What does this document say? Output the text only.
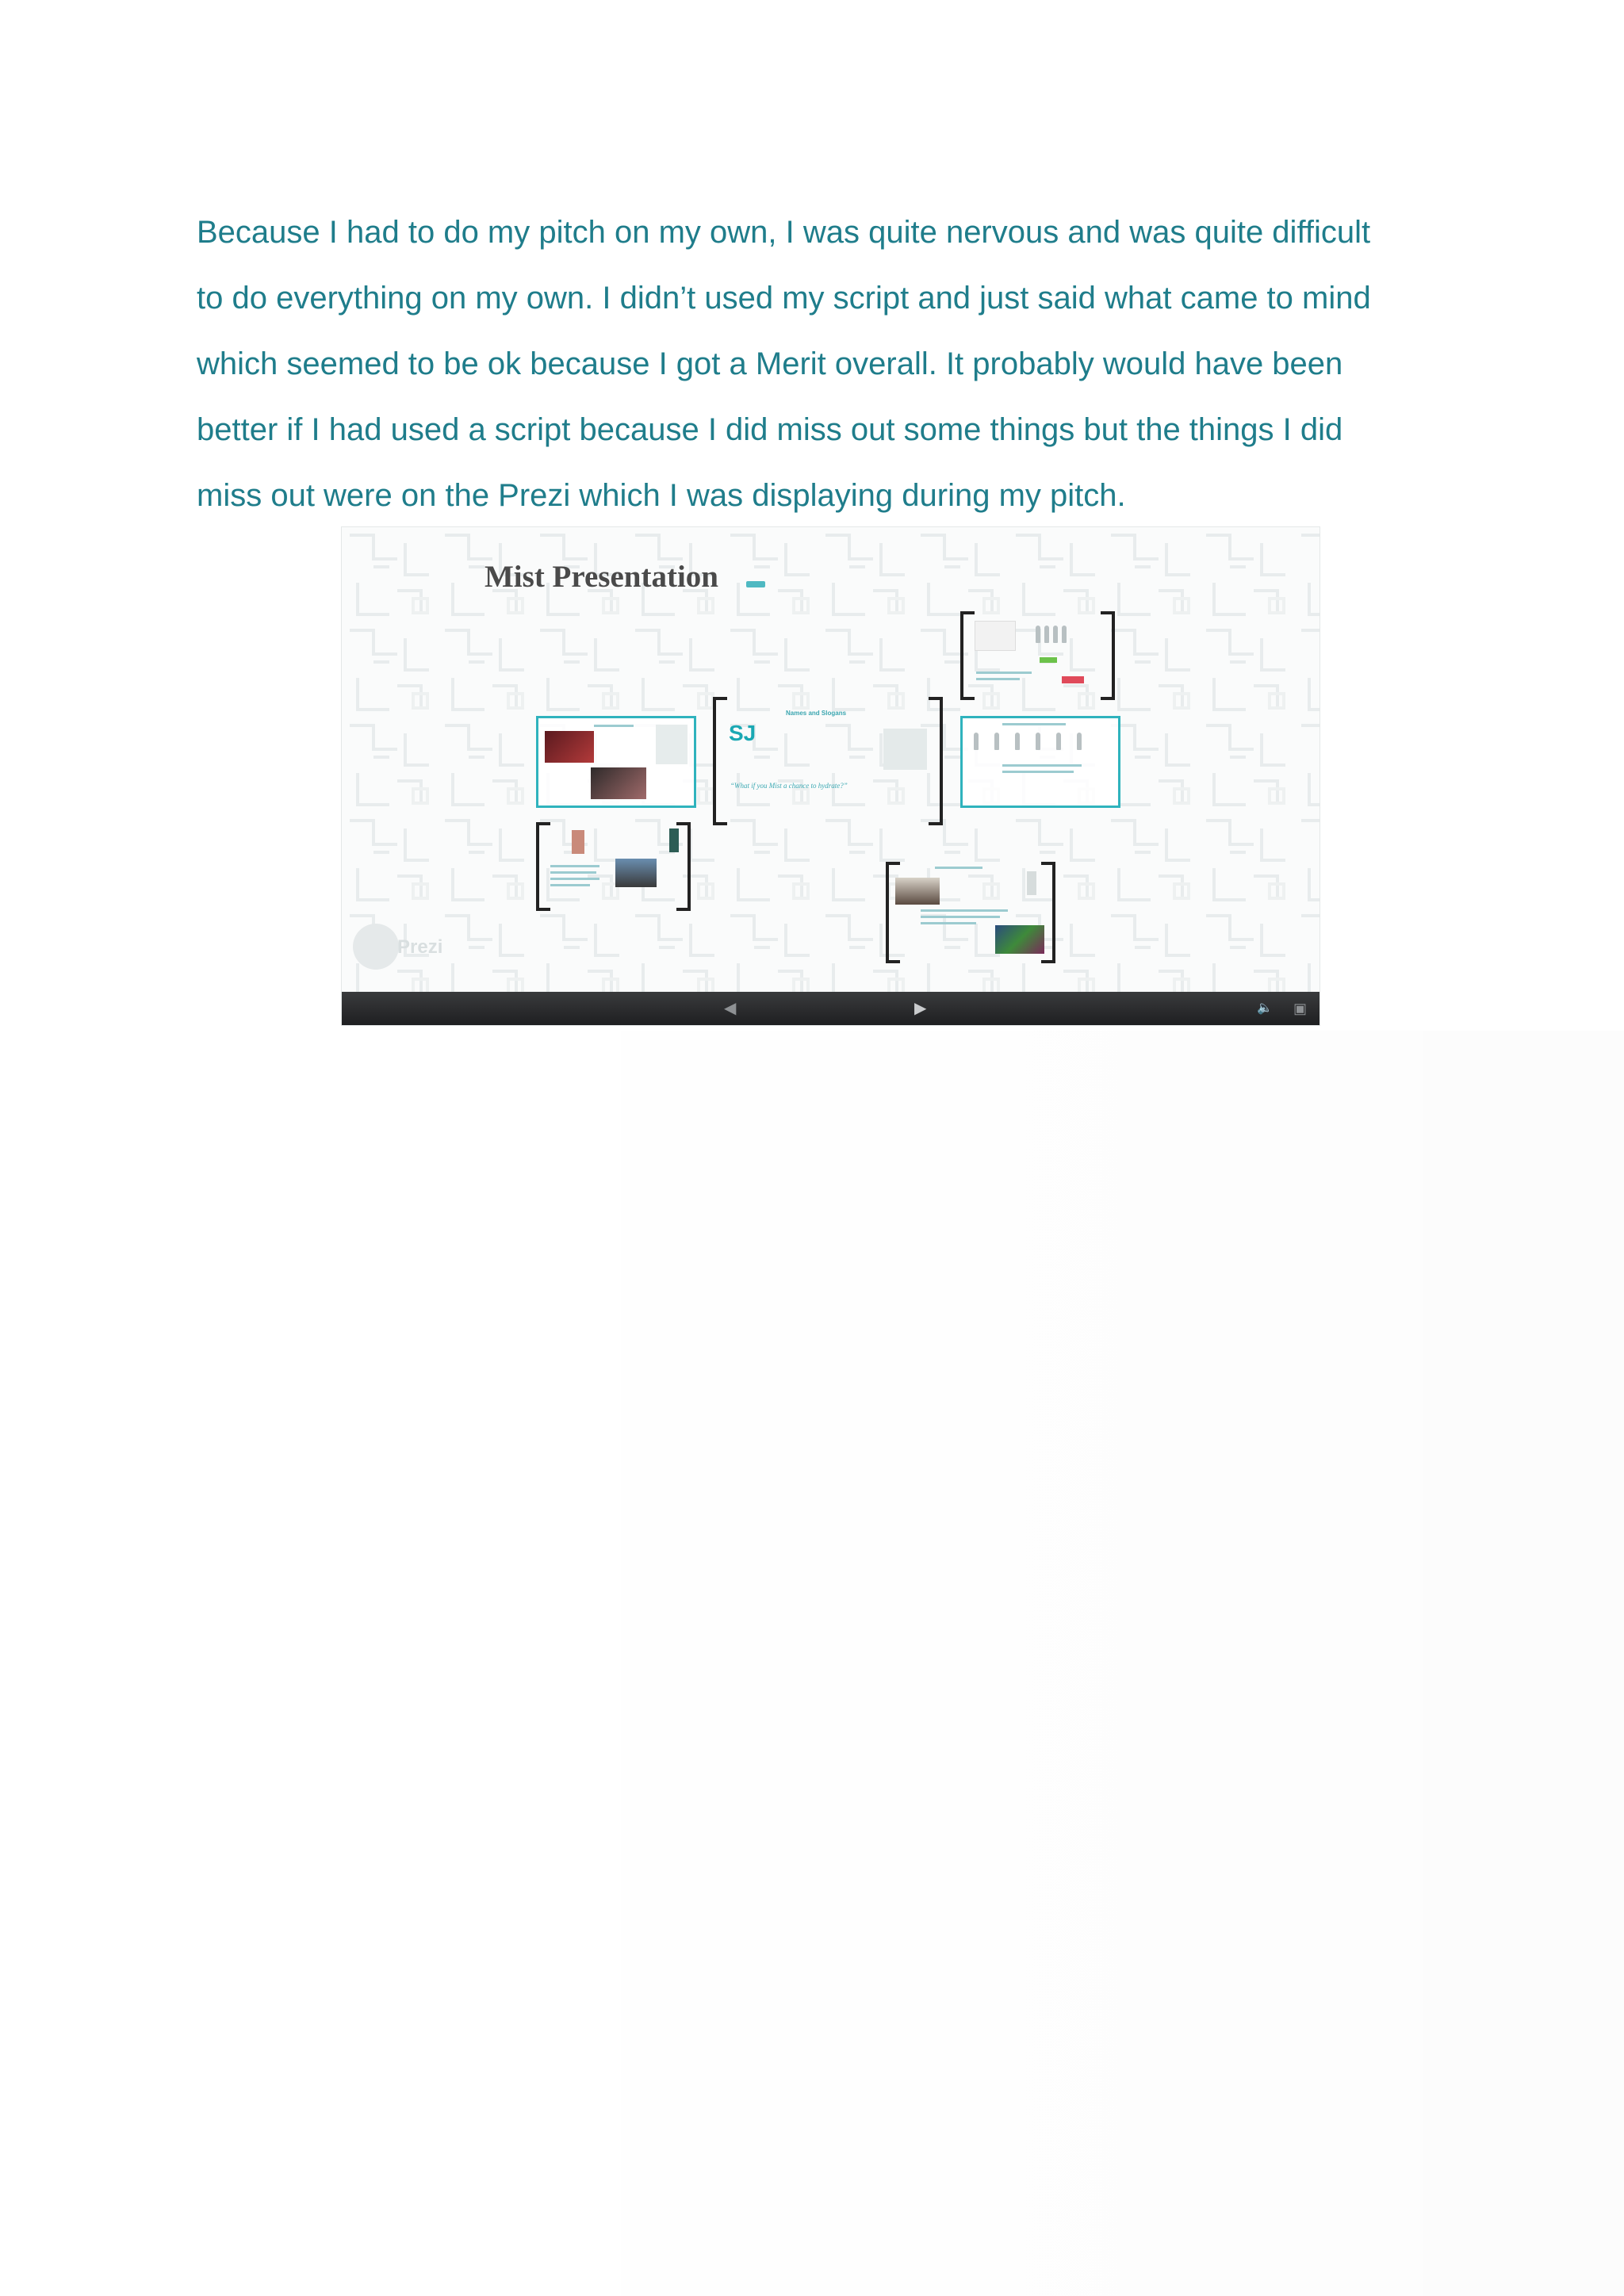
Because I had to do my pitch on my own, I was quite nervous and was quite difficult
to do everything on my own. I didn’t used my script and just said what came to mind
which seemed to be ok because I got a Merit overall. It probably would have been
better if I had used a script because I did miss out some things but the things I did
miss out were on the Prezi which I was displaying during my pitch.

Mist Presentation
Names and Slogans
SJ
“What if you Mist a chance to hydrate?”
Prezi
◀	▶	🔈 ▣
